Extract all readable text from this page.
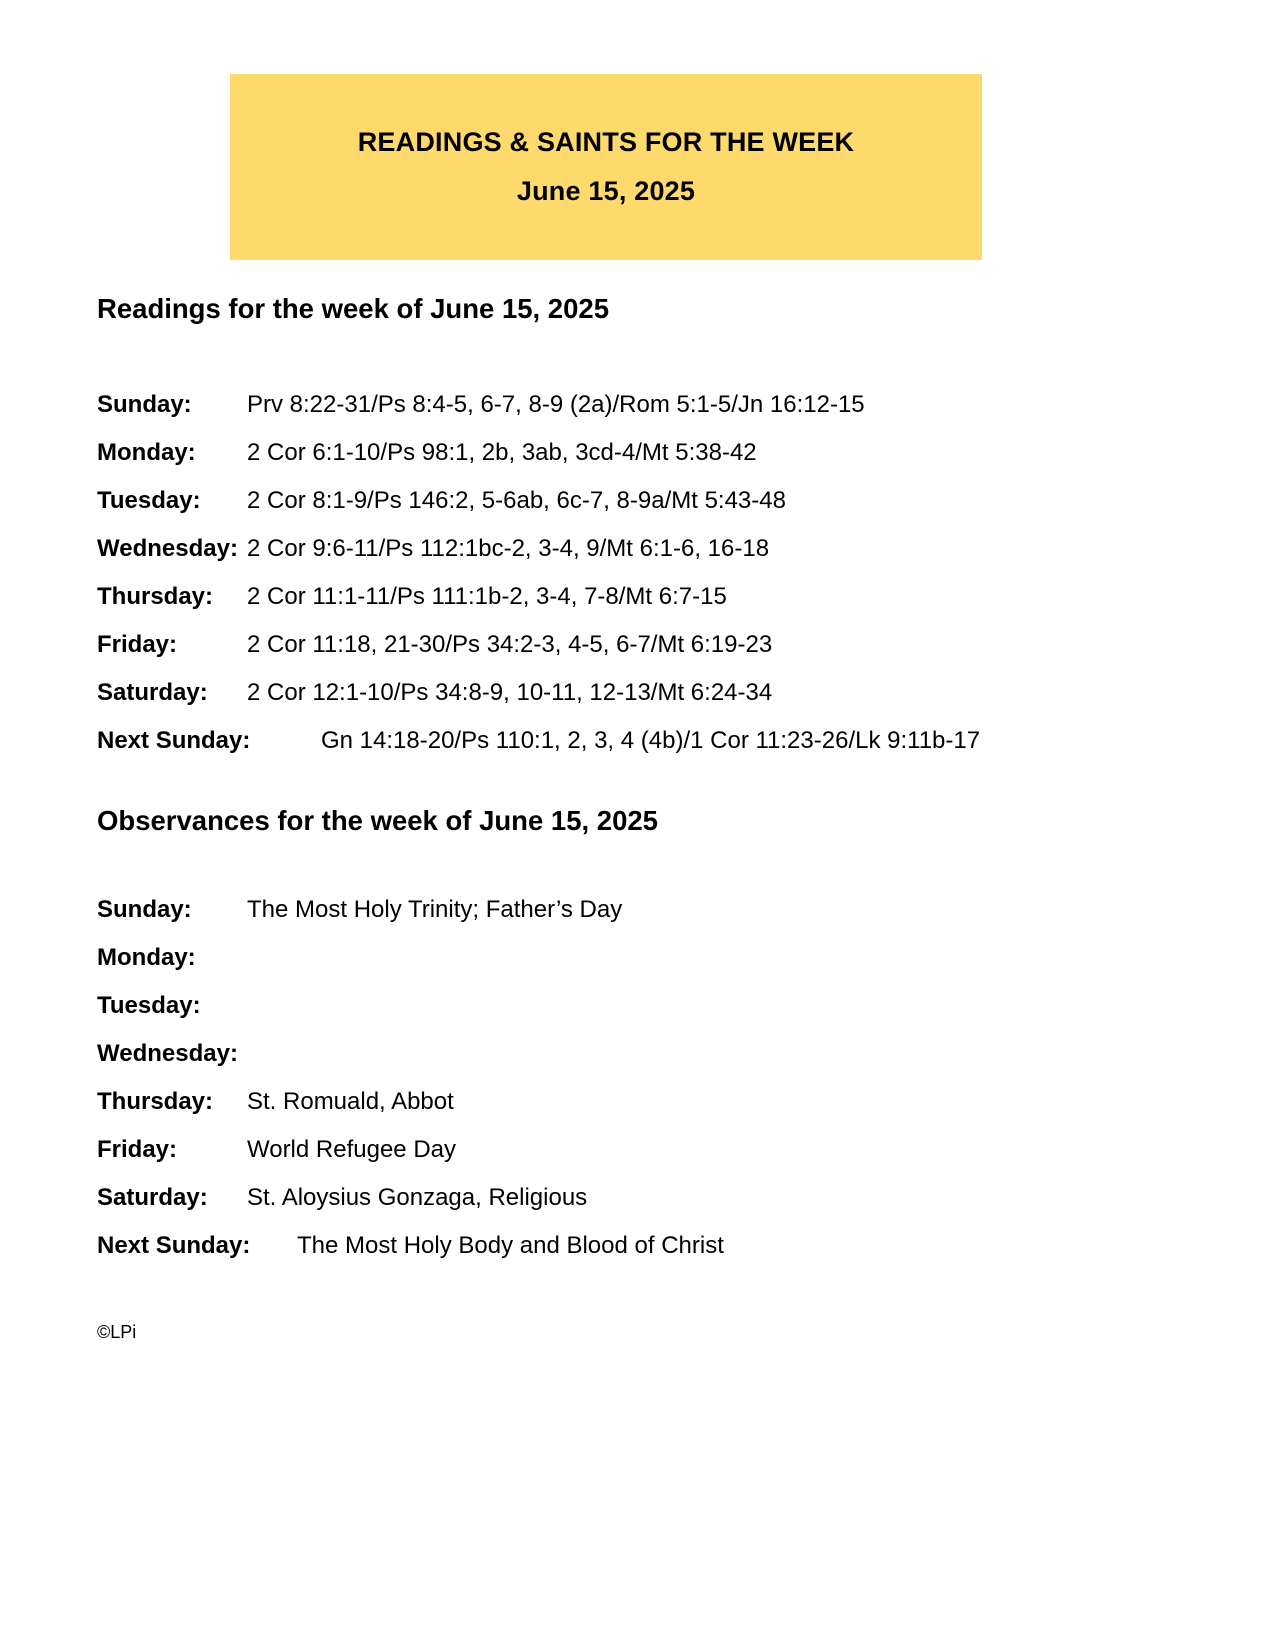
READINGS & SAINTS FOR THE WEEK
June 15, 2025
Readings for the week of June 15, 2025
Sunday: Prv 8:22-31/Ps 8:4-5, 6-7, 8-9 (2a)/Rom 5:1-5/Jn 16:12-15
Monday: 2 Cor 6:1-10/Ps 98:1, 2b, 3ab, 3cd-4/Mt 5:38-42
Tuesday: 2 Cor 8:1-9/Ps 146:2, 5-6ab, 6c-7, 8-9a/Mt 5:43-48
Wednesday: 2 Cor 9:6-11/Ps 112:1bc-2, 3-4, 9/Mt 6:1-6, 16-18
Thursday: 2 Cor 11:1-11/Ps 111:1b-2, 3-4, 7-8/Mt 6:7-15
Friday:	2 Cor 11:18, 21-30/Ps 34:2-3, 4-5, 6-7/Mt 6:19-23
Saturday: 2 Cor 12:1-10/Ps 34:8-9, 10-11, 12-13/Mt 6:24-34
Next Sunday:	Gn 14:18-20/Ps 110:1, 2, 3, 4 (4b)/1 Cor 11:23-26/Lk 9:11b-17
Observances for the week of June 15, 2025
Sunday: The Most Holy Trinity; Father’s Day
Monday:
Tuesday:
Wednesday:
Thursday: St. Romuald, Abbot
Friday:	World Refugee Day
Saturday: St. Aloysius Gonzaga, Religious
Next Sunday: The Most Holy Body and Blood of Christ
©LPi
